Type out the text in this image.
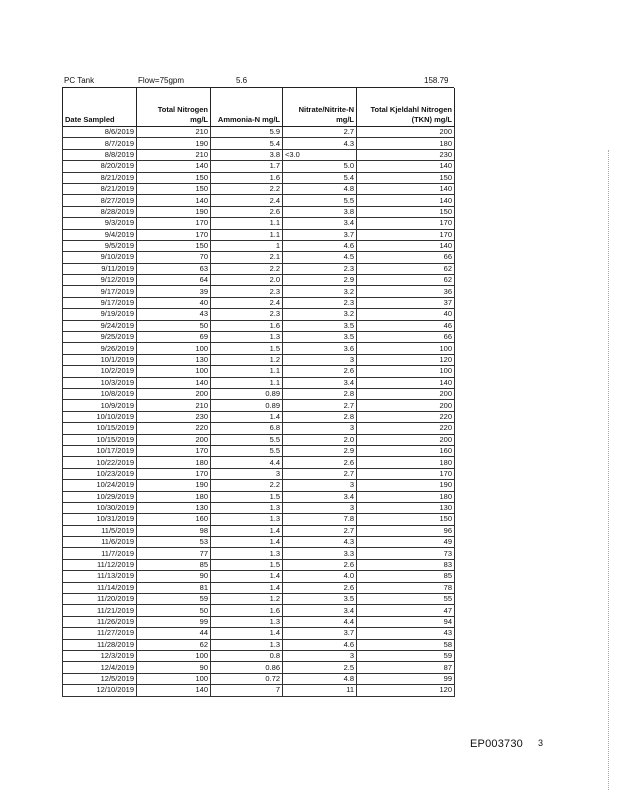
PC Tank	Flow=75gpm	5.6	158.79
Date Sampled	Total Nitrogen mg/L	Ammonia-N mg/L	Nitrate/Nitrite-N mg/L	Total Kjeldahl Nitrogen (TKN) mg/L
8/6/2019	210	5.9	2.7	200
8/7/2019	190	5.4	4.3	180
8/8/2019	210	3.8	<3.0	230
8/20/2019	140	1.7	5.0	140
8/21/2019	150	1.6	5.4	150
8/21/2019	150	2.2	4.8	140
8/27/2019	140	2.4	5.5	140
8/28/2019	190	2.6	3.8	150
9/3/2019	170	1.1	3.4	170
9/4/2019	170	1.1	3.7	170
9/5/2019	150	1	4.6	140
9/10/2019	70	2.1	4.5	66
9/11/2019	63	2.2	2.3	62
9/12/2019	64	2.0	2.9	62
9/17/2019	39	2.3	3.2	36
9/17/2019	40	2.4	2.3	37
9/19/2019	43	2.3	3.2	40
9/24/2019	50	1.6	3.5	46
9/25/2019	69	1.3	3.5	66
9/26/2019	100	1.5	3.6	100
10/1/2019	130	1.2	3	120
10/2/2019	100	1.1	2.6	100
10/3/2019	140	1.1	3.4	140
10/8/2019	200	0.89	2.8	200
10/9/2019	210	0.89	2.7	200
10/10/2019	230	1.4	2.8	220
10/15/2019	220	6.8	3	220
10/15/2019	200	5.5	2.0	200
10/17/2019	170	5.5	2.9	160
10/22/2019	180	4.4	2.6	180
10/23/2019	170	3	2.7	170
10/24/2019	190	2.2	3	190
10/29/2019	180	1.5	3.4	180
10/30/2019	130	1.3	3	130
10/31/2019	160	1.3	7.8	150
11/5/2019	98	1.4	2.7	96
11/6/2019	53	1.4	4.3	49
11/7/2019	77	1.3	3.3	73
11/12/2019	85	1.5	2.6	83
11/13/2019	90	1.4	4.0	85
11/14/2019	81	1.4	2.6	78
11/20/2019	59	1.2	3.5	55
11/21/2019	50	1.6	3.4	47
11/26/2019	99	1.3	4.4	94
11/27/2019	44	1.4	3.7	43
11/28/2019	62	1.3	4.6	58
12/3/2019	100	0.8	3	59
12/4/2019	90	0.86	2.5	87
12/5/2019	100	0.72	4.8	99
12/10/2019	140	7	11	120
EP003730 3
